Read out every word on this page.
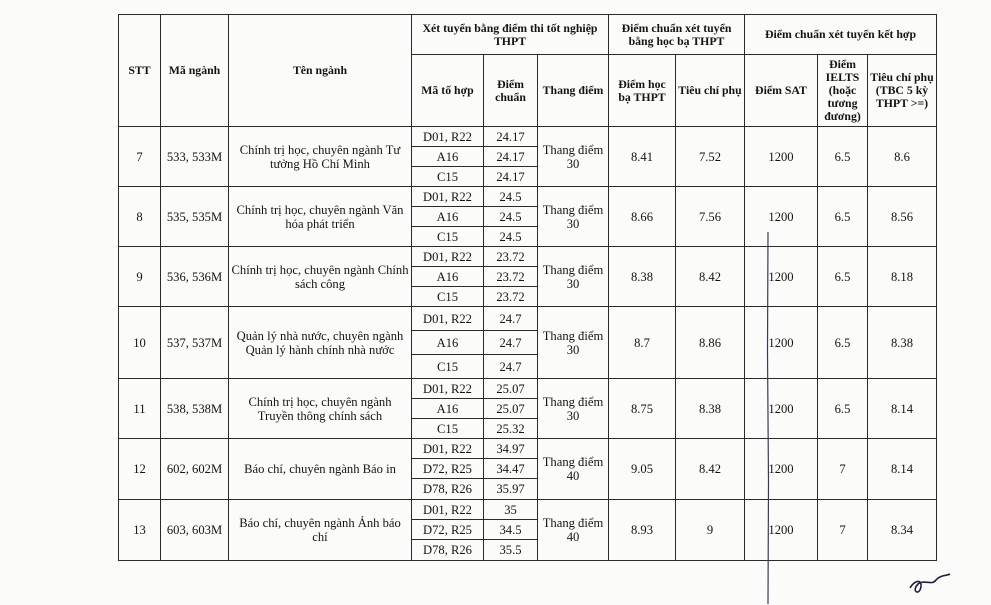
STT	Mã ngành	Tên ngành	Xét tuyển bằng điểm thi tốt nghiệp THPT			Điểm chuẩn xét tuyển bằng học bạ THPT		Điểm chuẩn xét tuyển kết hợp		
			Mã tổ hợp	Điểm chuẩn	Thang điểm	Điểm học bạ THPT	Tiêu chí phụ	Điểm SAT	Điểm IELTS (hoặc tương đương)	Tiêu chí phụ (TBC 5 kỳ THPT >=)
7	533, 533M	Chính trị học, chuyên ngành Tư tưởng Hồ Chí Minh	D01, R22	24.17	Thang điểm 30	8.41	7.52	1200	6.5	8.6
			A16	24.17						
			C15	24.17						
8	535, 535M	Chính trị học, chuyên ngành Văn hóa phát triển	D01, R22	24.5	Thang điểm 30	8.66	7.56	1200	6.5	8.56
			A16	24.5						
			C15	24.5						
9	536, 536M	Chính trị học, chuyên ngành Chính sách công	D01, R22	23.72	Thang điểm 30	8.38	8.42	1200	6.5	8.18
			A16	23.72						
			C15	23.72						
10	537, 537M	Quản lý nhà nước, chuyên ngành Quản lý hành chính nhà nước	D01, R22	24.7	Thang điểm 30	8.7	8.86	1200	6.5	8.38
			A16	24.7						
			C15	24.7						
11	538, 538M	Chính trị học, chuyên ngành Truyền thông chính sách	D01, R22	25.07	Thang điểm 30	8.75	8.38	1200	6.5	8.14
			A16	25.07						
			C15	25.32						
12	602, 602M	Báo chí, chuyên ngành Báo in	D01, R22	34.97	Thang điểm 40	9.05	8.42	1200	7	8.14
			D72, R25	34.47						
			D78, R26	35.97						
13	603, 603M	Báo chí, chuyên ngành Ảnh báo chí	D01, R22	35	Thang điểm 40	8.93	9	1200	7	8.34
			D72, R25	34.5						
			D78, R26	35.5						
